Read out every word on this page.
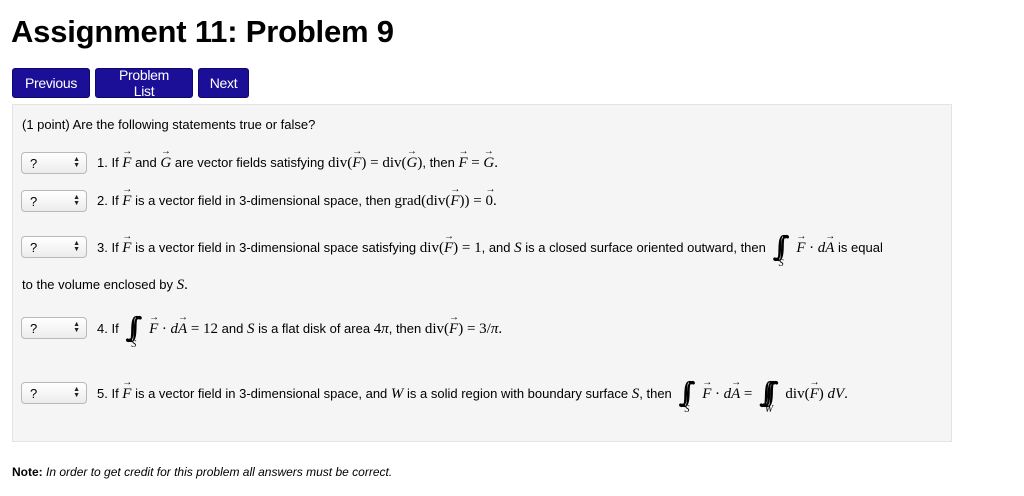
Assignment 11: Problem 9
Previous	Problem List	Next
(1 point) Are the following statements true or false?
?	▲
▼ 1. If → F and → G are vector fields satisfying div(→ F) = div(→ G), then → F = → G.
?	▲
▼ 2. If → F is a vector field in 3-dimensional space, then grad(div(→ F)) = → 0.
?	▲
▼ 3. If → F is a vector field in 3-dimensional space satisfying div(→ F) = 1, and S is a closed surface oriented outward, then ∫∫
S
→ F · d→ A is equal
to the volume enclosed by S.
?	▲
▼ 4. If ∫∫
S
→ F · d→ A = 12 and S is a flat disk of area 4π, then div(→ F) = 3/π.
?	▲
▼ 5. If → F is a vector field in 3-dimensional space, and W is a solid region with boundary surface S, then ∫∫
S
→ F · d→ A = ∫∫∫
W
div(→ F) dV.
Note: In order to get credit for this problem all answers must be correct.
